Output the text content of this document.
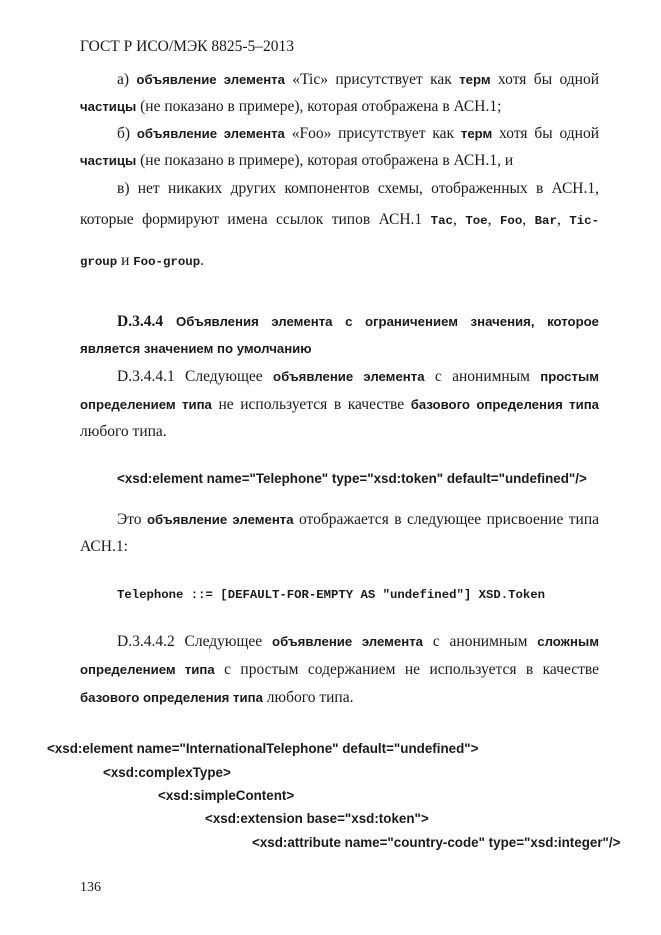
ГОСТ Р ИСО/МЭК 8825-5–2013
а) объявление элемента «Tic» присутствует как терм хотя бы одной
частицы (не показано в примере), которая отображена в АСН.1;
б) объявление элемента «Foo» присутствует как терм хотя бы одной
частицы (не показано в примере), которая отображена в АСН.1, и
в) нет никаких других компонентов схемы, отображенных в АСН.1,
которые формируют имена ссылок типов АСН.1 Tac, Toe, Foo, Bar, Tic-
group и Foo-group.
D.3.4.4 Объявления элемента с ограничением значения, которое
является значением по умолчанию
D.3.4.4.1 Следующее объявление элемента с анонимным простым
определением типа не используется в качестве базового определения типа
любого типа.
<xsd:element name="Telephone" type="xsd:token" default="undefined"/>
Это объявление элемента отображается в следующее присвоение типа
АСН.1:
Telephone ::= [DEFAULT-FOR-EMPTY AS "undefined"] XSD.Token
D.3.4.4.2 Следующее объявление элемента с анонимным сложным
определением типа с простым содержанием не используется в качестве
базового определения типа любого типа.
<xsd:element name="InternationalTelephone" default="undefined">
<xsd:complexType>
<xsd:simpleContent>
<xsd:extension base="xsd:token">
<xsd:attribute name="country-code" type="xsd:integer"/>
136
